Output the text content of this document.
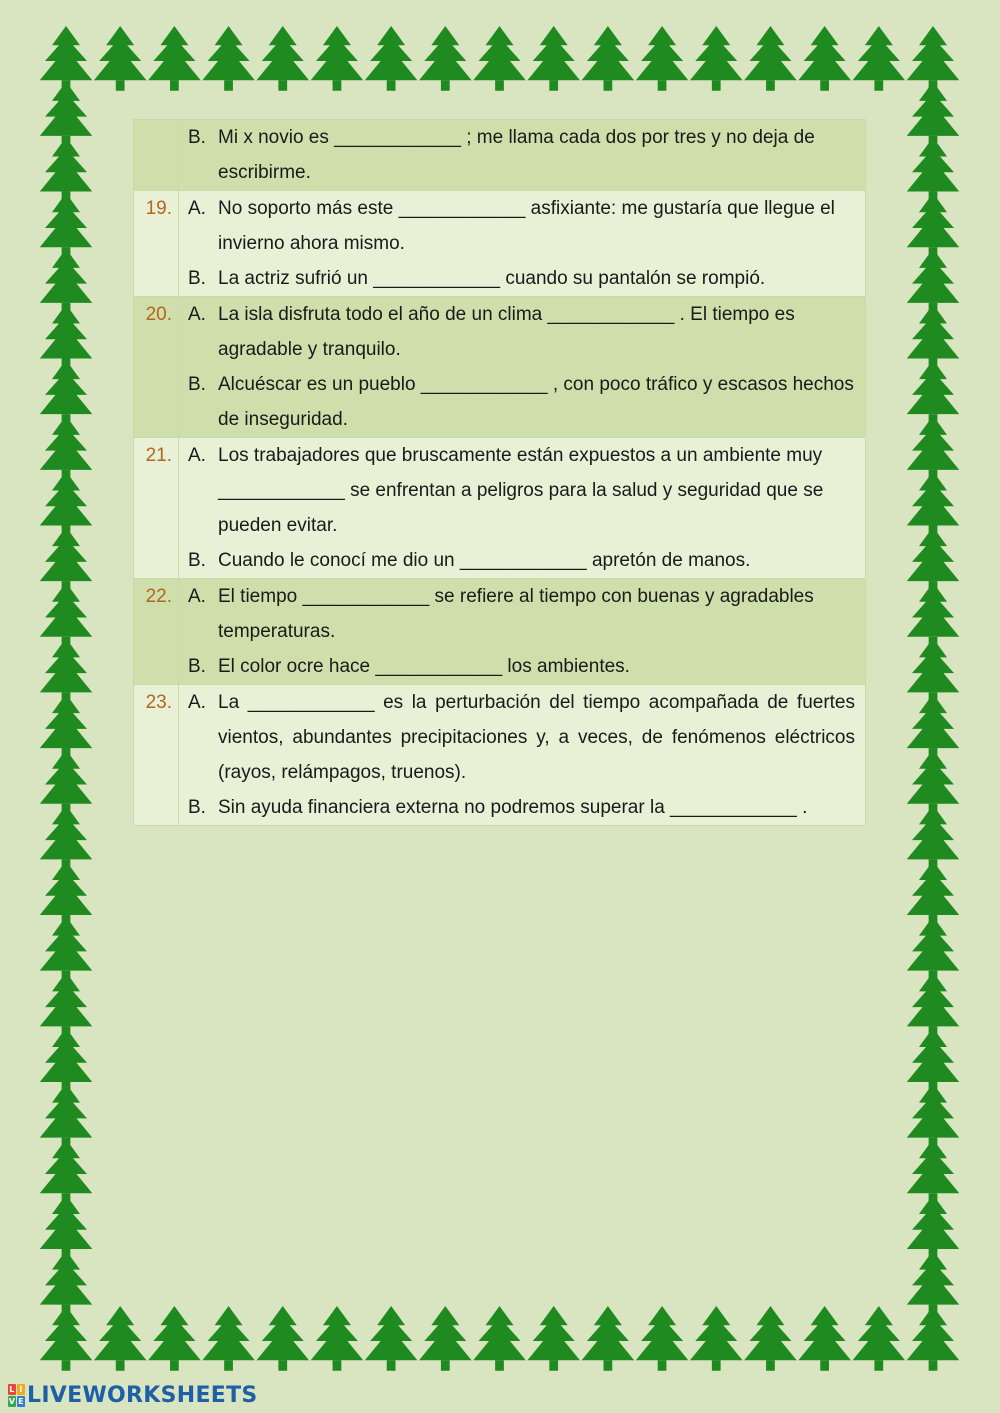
	B. Mi x novio es ____________ ; me llama cada dos por tres y no deja de escribirme.

19.	A. No soporto más este ____________ asfixiante: me gustaría que llegue el invierno ahora mismo.
B. La actriz sufrió un ____________ cuando su pantalón se rompió.

20.	A. La isla disfruta todo el año de un clima ____________ . El tiempo es agradable y tranquilo.
B. Alcuéscar es un pueblo ____________ , con poco tráfico y escasos hechos de inseguridad.

21.	A. Los trabajadores que bruscamente están expuestos a un ambiente muy ____________ se enfrentan a peligros para la salud y seguridad que se pueden evitar.
B. Cuando le conocí me dio un ____________ apretón de manos.

22.	A. El tiempo ____________ se refiere al tiempo con buenas y agradables temperaturas.
B. El color ocre hace ____________ los ambientes.

23.	A. La ____________ es la perturbación del tiempo acompañada de fuertes vientos, abundantes precipitaciones y, a veces, de fenómenos eléctricos (rayos, relámpagos, truenos).
B. Sin ayuda financiera externa no podremos superar la ____________ .
L I
V E LIVEWORKSHEETS
